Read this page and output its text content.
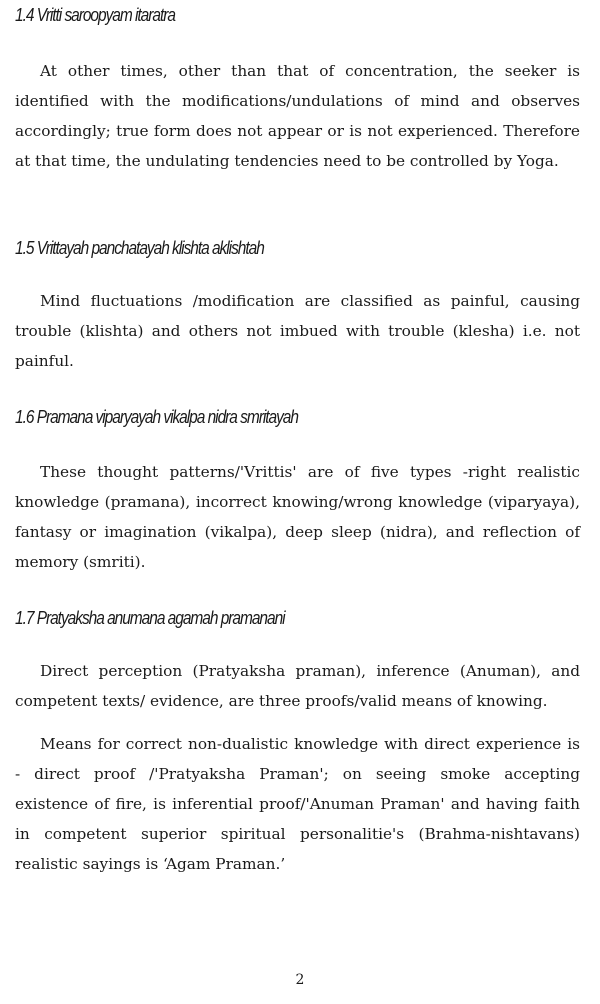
1.4 Vritti saroopyam itaratra

At other times, other than that of concentration, the seeker is identified with the modifications/undulations of mind and observes accordingly; true form does not appear or is not experienced. Therefore at that time, the undulating tendencies need to be controlled by Yoga.

1.5 Vrittayah panchatayah klishta aklishtah

Mind fluctuations /modification are classified as painful, causing trouble (klishta) and others not imbued with trouble (klesha) i.e. not painful.

1.6 Pramana viparyayah vikalpa nidra smritayah

These thought patterns/'Vrittis' are of five types -right realistic knowledge (pramana), incorrect knowing/wrong knowledge (viparyaya), fantasy or imagination (vikalpa), deep sleep (nidra), and reflection of memory (smriti).

1.7 Pratyaksha anumana agamah pramanani

Direct perception (Pratyaksha praman), inference (Anuman), and competent texts/ evidence, are three proofs/valid means of knowing.

Means for correct non-dualistic knowledge with direct experience is - direct proof /'Pratyaksha Praman'; on seeing smoke accepting existence of fire, is inferential proof/'Anuman Praman' and having faith in competent superior spiritual personalitie's (Brahma-nishtavans) realistic sayings is ‘Agam Praman.’

2
